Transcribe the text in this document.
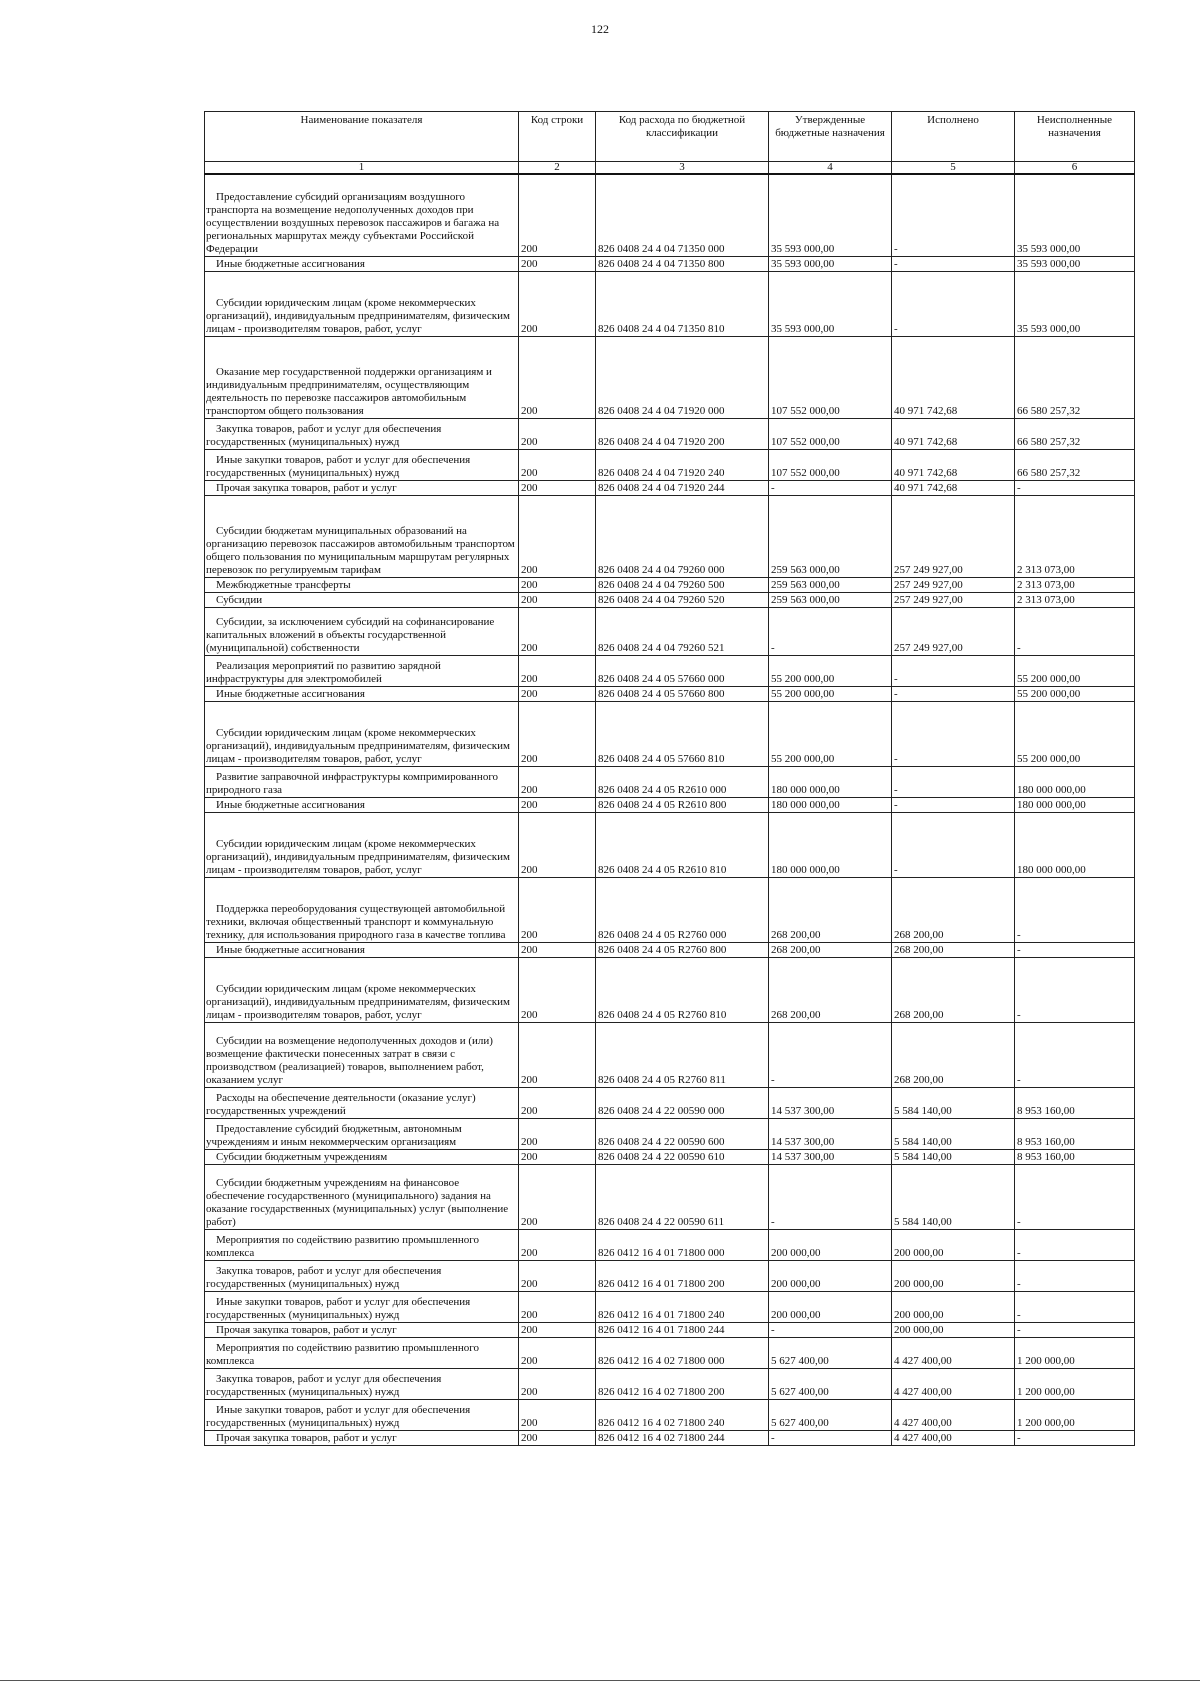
122
Наименование показателя	Код строки	Код расхода по бюджетной классификации	Утвержденные бюджетные назначения	Исполнено	Неисполненные назначения
1	2	3	4	5	6
Предоставление субсидий организациям воздушного транспорта на возмещение недополученных доходов при осуществлении воздушных перевозок пассажиров и багажа на региональных маршрутах между субъектами Российской Федерации	200	826 0408 24 4 04 71350 000	35 593 000,00	-	35 593 000,00
Иные бюджетные ассигнования	200	826 0408 24 4 04 71350 800	35 593 000,00	-	35 593 000,00
Субсидии юридическим лицам (кроме некоммерческих организаций), индивидуальным предпринимателям, физическим лицам - производителям товаров, работ, услуг	200	826 0408 24 4 04 71350 810	35 593 000,00	-	35 593 000,00
Оказание мер государственной поддержки организациям и индивидуальным предпринимателям, осуществляющим деятельность по перевозке пассажиров автомобильным транспортом общего пользования	200	826 0408 24 4 04 71920 000	107 552 000,00	40 971 742,68	66 580 257,32
Закупка товаров, работ и услуг для обеспечения государственных (муниципальных) нужд	200	826 0408 24 4 04 71920 200	107 552 000,00	40 971 742,68	66 580 257,32
Иные закупки товаров, работ и услуг для обеспечения государственных (муниципальных) нужд	200	826 0408 24 4 04 71920 240	107 552 000,00	40 971 742,68	66 580 257,32
Прочая закупка товаров, работ и услуг	200	826 0408 24 4 04 71920 244	-	40 971 742,68	-
Субсидии бюджетам муниципальных образований на организацию перевозок пассажиров автомобильным транспортом общего пользования по муниципальным маршрутам регулярных перевозок по регулируемым тарифам	200	826 0408 24 4 04 79260 000	259 563 000,00	257 249 927,00	2 313 073,00
Межбюджетные трансферты	200	826 0408 24 4 04 79260 500	259 563 000,00	257 249 927,00	2 313 073,00
Субсидии	200	826 0408 24 4 04 79260 520	259 563 000,00	257 249 927,00	2 313 073,00
Субсидии, за исключением субсидий на софинансирование капитальных вложений в объекты государственной (муниципальной) собственности	200	826 0408 24 4 04 79260 521	-	257 249 927,00	-
Реализация мероприятий по развитию зарядной инфраструктуры для электромобилей	200	826 0408 24 4 05 57660 000	55 200 000,00	-	55 200 000,00
Иные бюджетные ассигнования	200	826 0408 24 4 05 57660 800	55 200 000,00	-	55 200 000,00
Субсидии юридическим лицам (кроме некоммерческих организаций), индивидуальным предпринимателям, физическим лицам - производителям товаров, работ, услуг	200	826 0408 24 4 05 57660 810	55 200 000,00	-	55 200 000,00
Развитие заправочной инфраструктуры компримированного природного газа	200	826 0408 24 4 05 R2610 000	180 000 000,00	-	180 000 000,00
Иные бюджетные ассигнования	200	826 0408 24 4 05 R2610 800	180 000 000,00	-	180 000 000,00
Субсидии юридическим лицам (кроме некоммерческих организаций), индивидуальным предпринимателям, физическим лицам - производителям товаров, работ, услуг	200	826 0408 24 4 05 R2610 810	180 000 000,00	-	180 000 000,00
Поддержка переоборудования существующей автомобильной техники, включая общественный транспорт и коммунальную технику, для использования природного газа в качестве топлива	200	826 0408 24 4 05 R2760 000	268 200,00	268 200,00	-
Иные бюджетные ассигнования	200	826 0408 24 4 05 R2760 800	268 200,00	268 200,00	-
Субсидии юридическим лицам (кроме некоммерческих организаций), индивидуальным предпринимателям, физическим лицам - производителям товаров, работ, услуг	200	826 0408 24 4 05 R2760 810	268 200,00	268 200,00	-
Субсидии на возмещение недополученных доходов и (или) возмещение фактически понесенных затрат в связи с производством (реализацией) товаров, выполнением работ, оказанием услуг	200	826 0408 24 4 05 R2760 811	-	268 200,00	-
Расходы на обеспечение деятельности (оказание услуг) государственных учреждений	200	826 0408 24 4 22 00590 000	14 537 300,00	5 584 140,00	8 953 160,00
Предоставление субсидий бюджетным, автономным учреждениям и иным некоммерческим организациям	200	826 0408 24 4 22 00590 600	14 537 300,00	5 584 140,00	8 953 160,00
Субсидии бюджетным учреждениям	200	826 0408 24 4 22 00590 610	14 537 300,00	5 584 140,00	8 953 160,00
Субсидии бюджетным учреждениям на финансовое обеспечение государственного (муниципального) задания на оказание государственных (муниципальных) услуг (выполнение работ)	200	826 0408 24 4 22 00590 611	-	5 584 140,00	-
Мероприятия по содействию развитию промышленного комплекса	200	826 0412 16 4 01 71800 000	200 000,00	200 000,00	-
Закупка товаров, работ и услуг для обеспечения государственных (муниципальных) нужд	200	826 0412 16 4 01 71800 200	200 000,00	200 000,00	-
Иные закупки товаров, работ и услуг для обеспечения государственных (муниципальных) нужд	200	826 0412 16 4 01 71800 240	200 000,00	200 000,00	-
Прочая закупка товаров, работ и услуг	200	826 0412 16 4 01 71800 244	-	200 000,00	-
Мероприятия по содействию развитию промышленного комплекса	200	826 0412 16 4 02 71800 000	5 627 400,00	4 427 400,00	1 200 000,00
Закупка товаров, работ и услуг для обеспечения государственных (муниципальных) нужд	200	826 0412 16 4 02 71800 200	5 627 400,00	4 427 400,00	1 200 000,00
Иные закупки товаров, работ и услуг для обеспечения государственных (муниципальных) нужд	200	826 0412 16 4 02 71800 240	5 627 400,00	4 427 400,00	1 200 000,00
Прочая закупка товаров, работ и услуг	200	826 0412 16 4 02 71800 244	-	4 427 400,00	-
